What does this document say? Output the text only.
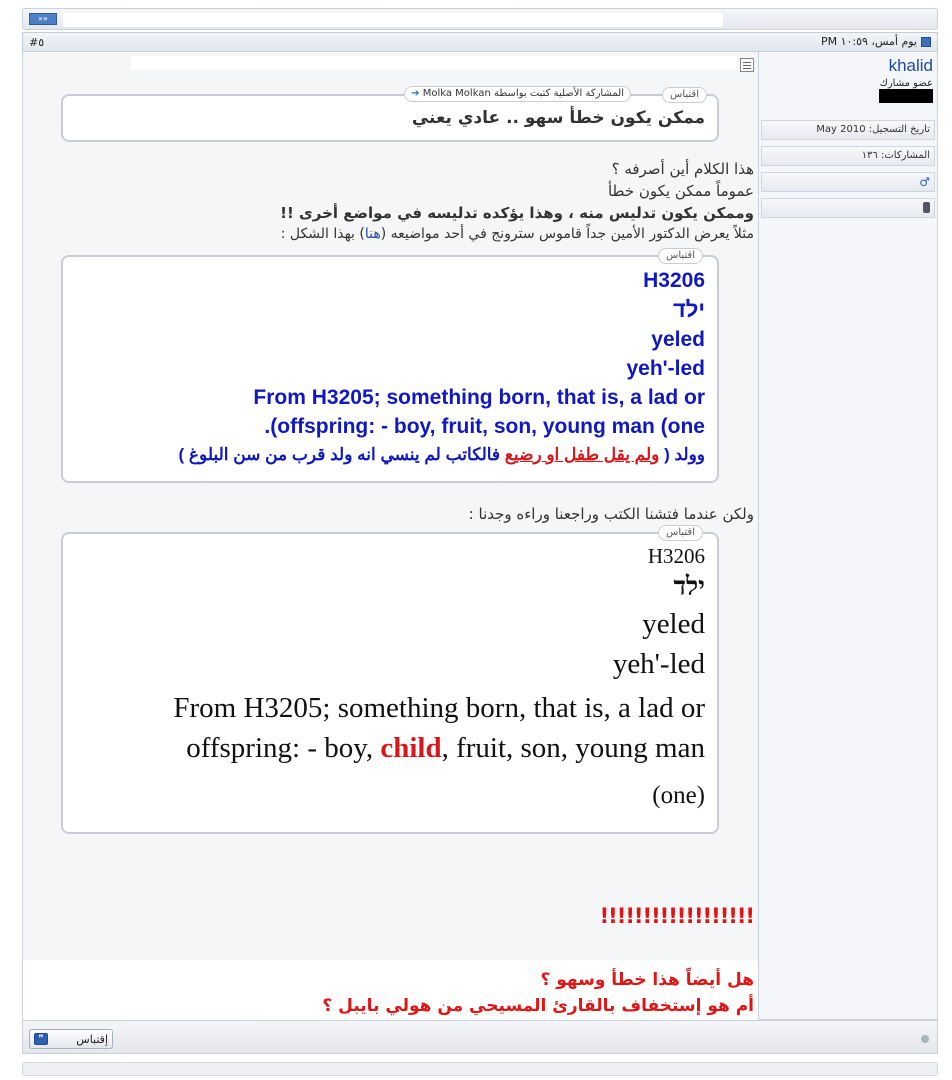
»»
يوم أمس، ١٠:٥٩ PM
#٥
اقتباس
المشاركة الأصلية كتبت بواسطة Molka Molkan ➔
ممكن يكون خطأ سهو .. عادي يعني
هذا الكلام أين أصرفه ؟
عموماً ممكن يكون خطأ
وممكن يكون تدليس منه ، وهذا يؤكده تدليسه في مواضع أخرى !!
مثلاً يعرض الدكتور الأمين جداً قاموس سترونج في أحد مواضيعه (هنا) بهذا الشكل :
اقتباس
H3206
ילד
yeled
yeh'-led
From H3205; something born, that is, a lad or
.(offspring: - boy, fruit, son, young man (one
وولد ( ولم يقل طفل او رضيع فالكاتب لم ينسي انه ولد قرب من سن البلوغ )
ولكن عندما فتشنا الكتب وراجعنا وراءه وجدنا :
اقتباس
H3206
ילד
yeled
yeh'-led
From H3205; something born, that is, a lad or
offspring: - boy, child, fruit, son, young man
(one)
!!!!!!!!!!!!!!!!!!
هل أيضاً هذا خطأ وسهو ؟
أم هو إستخفاف بالقارئ المسيحي من هولي بايبل ؟
khalid
عضو مشارك
تاريخ التسجيل: May 2010
المشاركات: ١٣٦
♂
”	إقتباس
